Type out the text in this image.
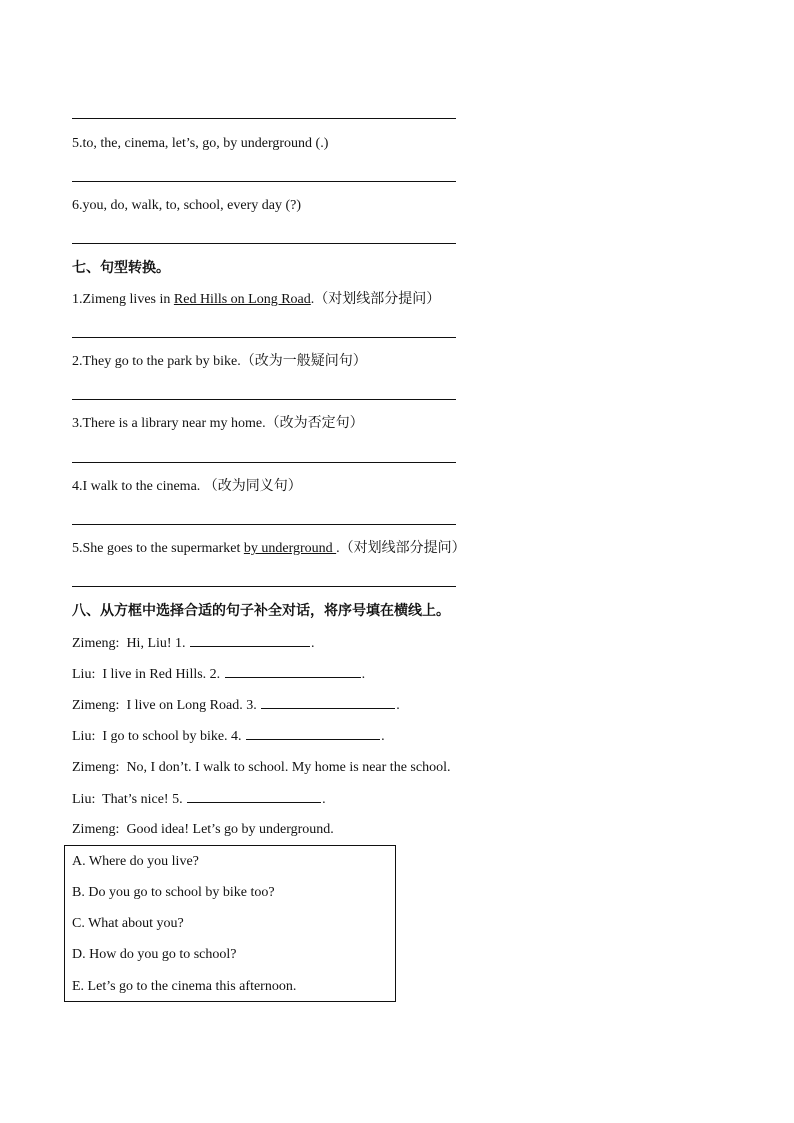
5.to, the, cinema, let’s, go, by underground (.)
6.you, do, walk, to, school, every day (?)
七、句型转换。
1.Zimeng lives in Red Hills on Long Road.（对划线部分提问）
2.They go to the park by bike.（改为一般疑问句）
3.There is a library near my home.（改为否定句）
4.I walk to the cinema. （改为同义句）
5.She goes to the supermarket by underground .（对划线部分提问）
八、从方框中选择合适的句子补全对话，将序号填在横线上。
Zimeng: Hi, Liu! 1.	.
Liu: I live in Red Hills. 2.	.
Zimeng: I live on Long Road. 3.	.
Liu: I go to school by bike. 4.	.
Zimeng: No, I don’t. I walk to school. My home is near the school.
Liu: That’s nice! 5.	.
Zimeng: Good idea! Let’s go by underground.
A. Where do you live?
B. Do you go to school by bike too?
C. What about you?
D. How do you go to school?
E. Let’s go to the cinema this afternoon.
